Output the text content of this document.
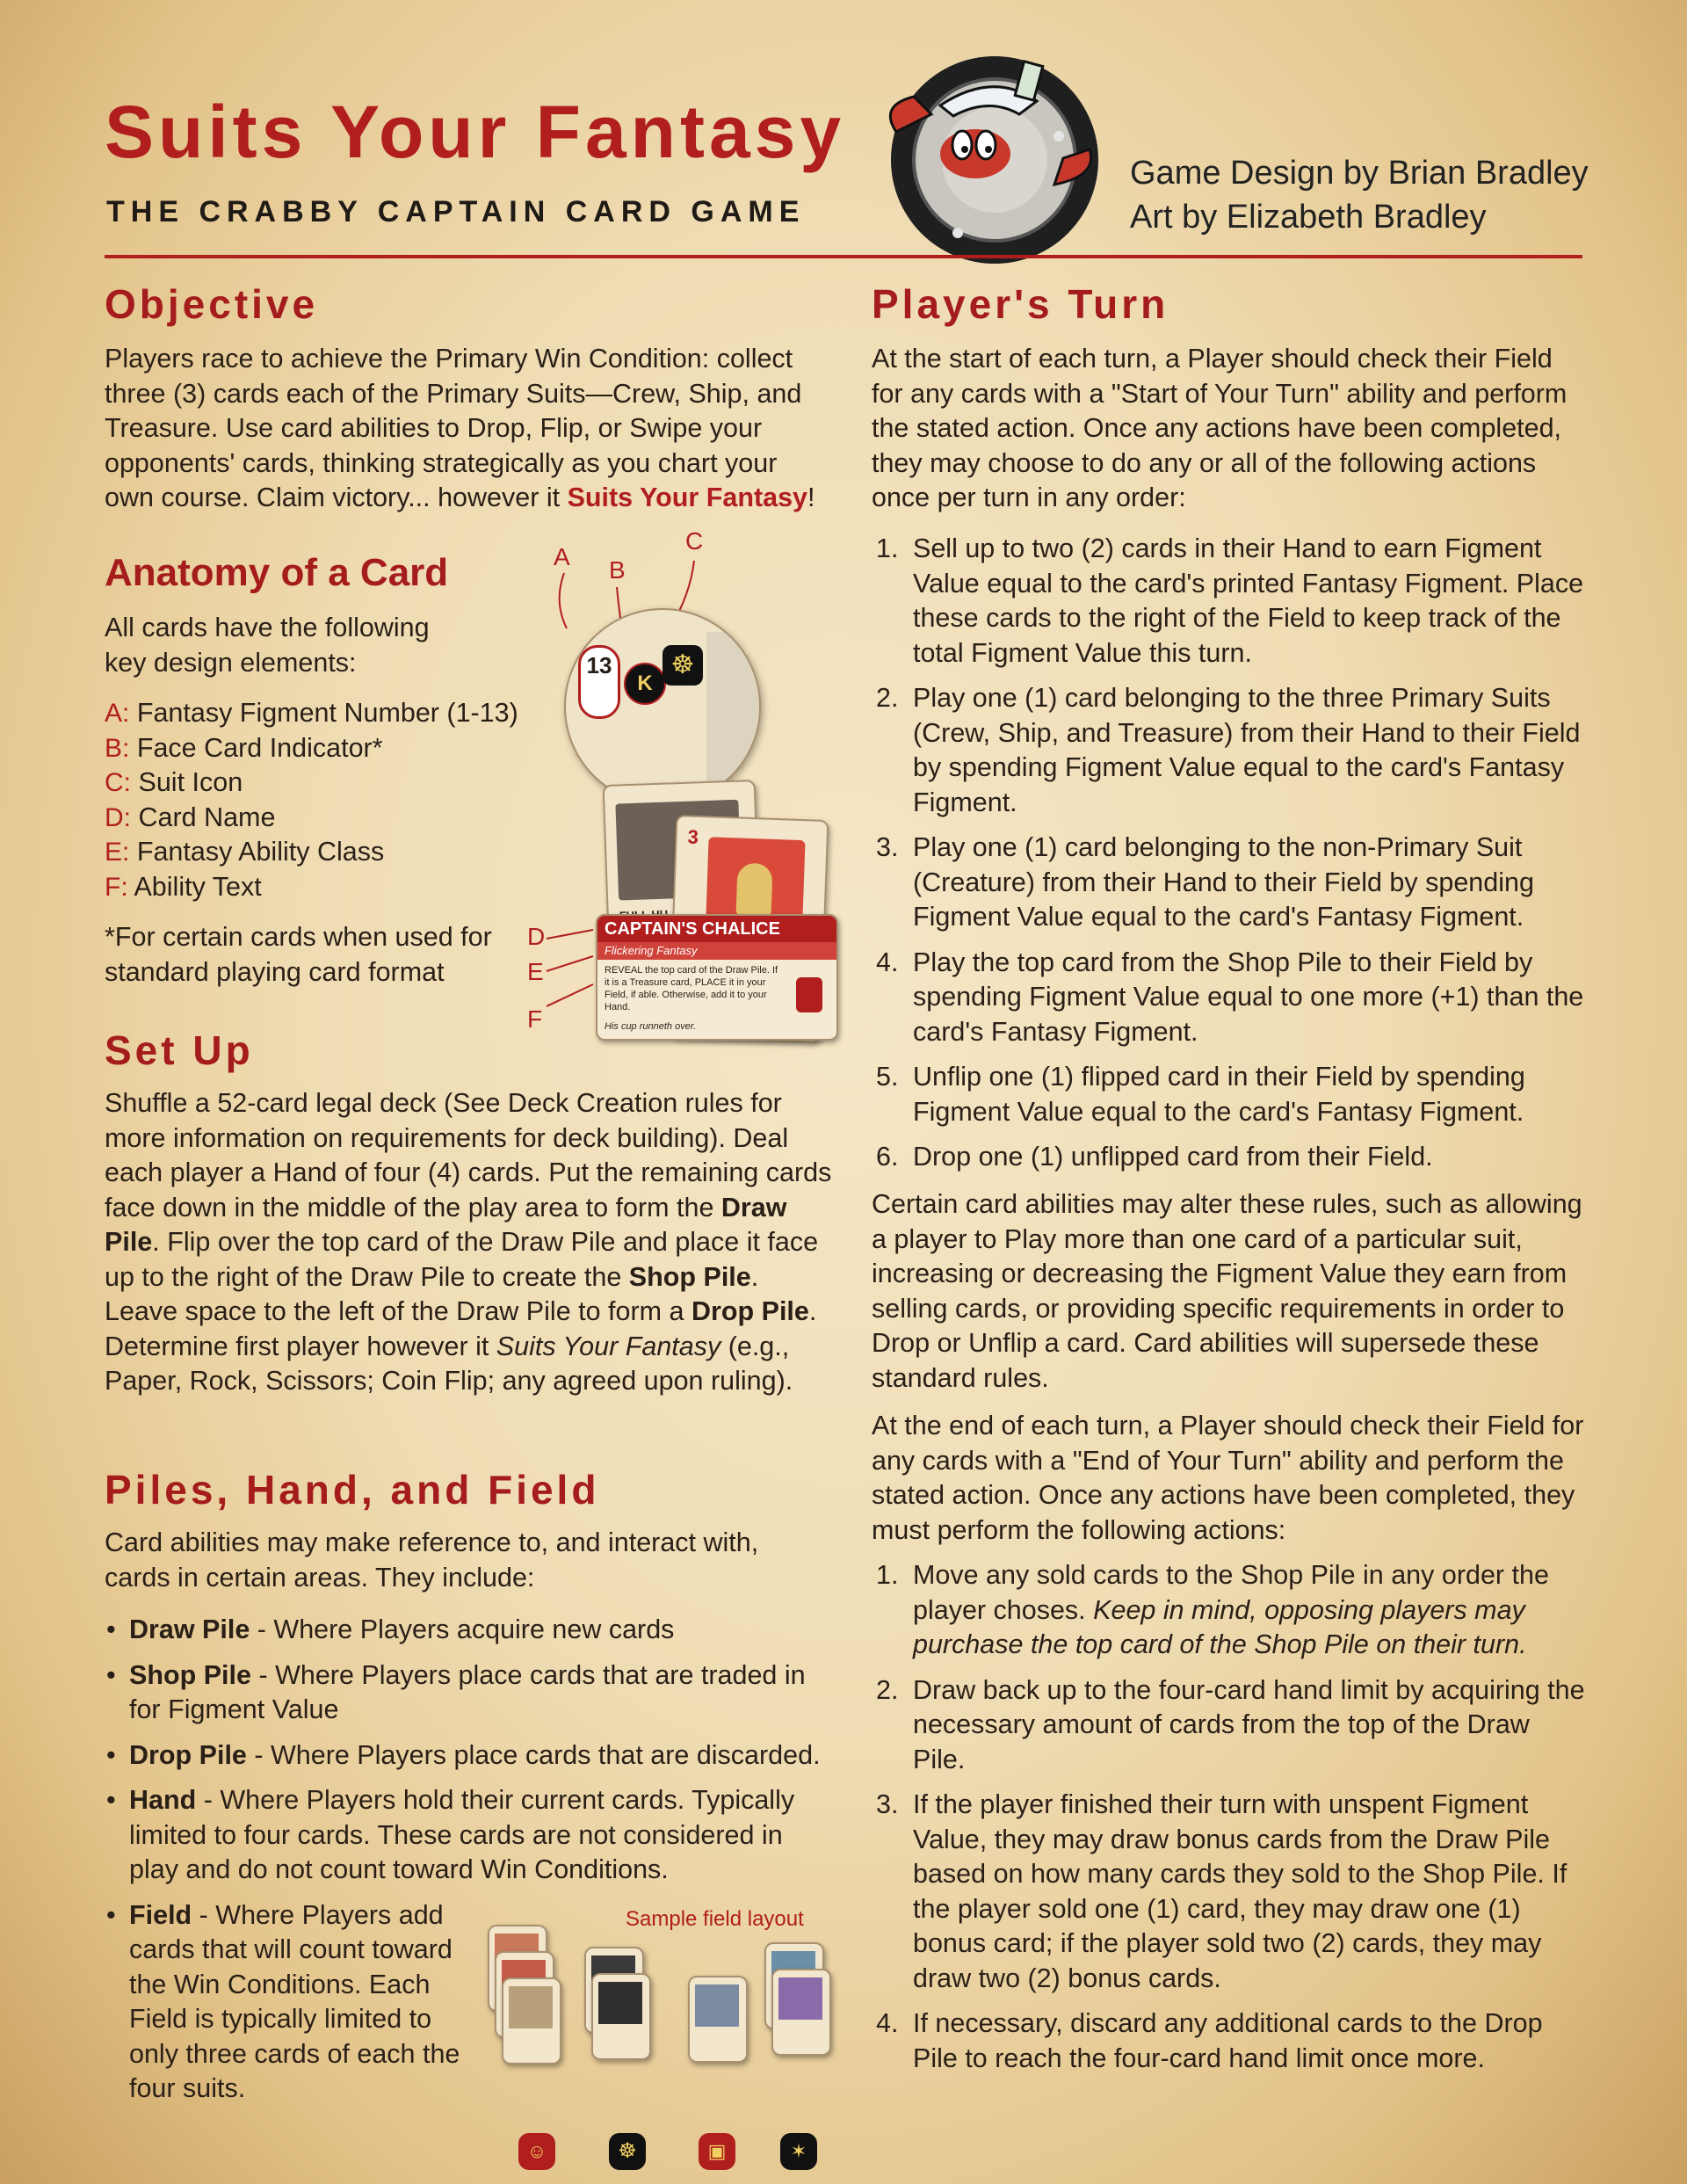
Suits Your Fantasy
THE CRABBY CAPTAIN CARD GAME
Game Design by Brian Bradley
Art by Elizabeth Bradley
Objective

Players race to achieve the Primary Win Condition: collect three (3) cards each of the Primary Suits—Crew, Ship, and Treasure. Use card abilities to Drop, Flip, or Swipe your opponents' cards, thinking strategically as you chart your own course. Claim victory... however it Suits Your Fantasy!

Anatomy of a Card

All cards have the following key design elements:

A: Fantasy Figment Number (1-13)
B: Face Card Indicator*
C: Suit Icon
D: Card Name
E: Fantasy Ability Class
F: Ability Text

*For certain cards when used for standard playing card format

A B
C
13
K
☸
3
CAPTAIN'S CHALICE
Flickering Fantasy
REVEAL the top card of the Draw Pile. If it is a Treasure card, PLACE it in your Field, if able. Otherwise, add it to your Hand.
His cup runneth over.
D
E
F
Set Up

Shuffle a 52-card legal deck (See Deck Creation rules for more information on requirements for deck building). Deal each player a Hand of four (4) cards. Put the remaining cards face down in the middle of the play area to form the Draw Pile. Flip over the top card of the Draw Pile and place it face up to the right of the Draw Pile to create the Shop Pile. Leave space to the left of the Draw Pile to form a Drop Pile. Determine first player however it Suits Your Fantasy (e.g., Paper, Rock, Scissors; Coin Flip; any agreed upon ruling).

Piles, Hand, and Field

Card abilities may make reference to, and interact with, cards in certain areas. They include:

• Draw Pile - Where Players acquire new cards

• Shop Pile - Where Players place cards that are traded in for Figment Value

• Drop Pile - Where Players place cards that are discarded.

• Hand - Where Players hold their current cards. Typically limited to four cards. These cards are not considered in play and do not count toward Win Conditions.

• Field - Where Players add cards that will count toward the Win Conditions. Each Field is typically limited to only three cards of each the four suits.

Sample field layout
☺	☸	▣	✶
Player's Turn

At the start of each turn, a Player should check their Field for any cards with a "Start of Your Turn" ability and perform the stated action. Once any actions have been completed, they may choose to do any or all of the following actions once per turn in any order:

1. Sell up to two (2) cards in their Hand to earn Figment Value equal to the card's printed Fantasy Figment. Place these cards to the right of the Field to keep track of the total Figment Value this turn.

2. Play one (1) card belonging to the three Primary Suits (Crew, Ship, and Treasure) from their Hand to their Field by spending Figment Value equal to the card's Fantasy Figment.

3. Play one (1) card belonging to the non-Primary Suit (Creature) from their Hand to their Field by spending Figment Value equal to the card's Fantasy Figment.

4. Play the top card from the Shop Pile to their Field by spending Figment Value equal to one more (+1) than the card's Fantasy Figment.

5. Unflip one (1) flipped card in their Field by spending Figment Value equal to the card's Fantasy Figment.

6. Drop one (1) unflipped card from their Field.

Certain card abilities may alter these rules, such as allowing a player to Play more than one card of a particular suit, increasing or decreasing the Figment Value they earn from selling cards, or providing specific requirements in order to Drop or Unflip a card. Card abilities will supersede these standard rules.

At the end of each turn, a Player should check their Field for any cards with a "End of Your Turn" ability and perform the stated action. Once any actions have been completed, they must perform the following actions:

1. Move any sold cards to the Shop Pile in any order the player choses. Keep in mind, opposing players may purchase the top card of the Shop Pile on their turn.

2. Draw back up to the four-card hand limit by acquiring the necessary amount of cards from the top of the Draw Pile.

3. If the player finished their turn with unspent Figment Value, they may draw bonus cards from the Draw Pile based on how many cards they sold to the Shop Pile. If the player sold one (1) card, they may draw one (1) bonus card; if the player sold two (2) cards, they may draw two (2) bonus cards.

4. If necessary, discard any additional cards to the Drop Pile to reach the four-card hand limit once more.
